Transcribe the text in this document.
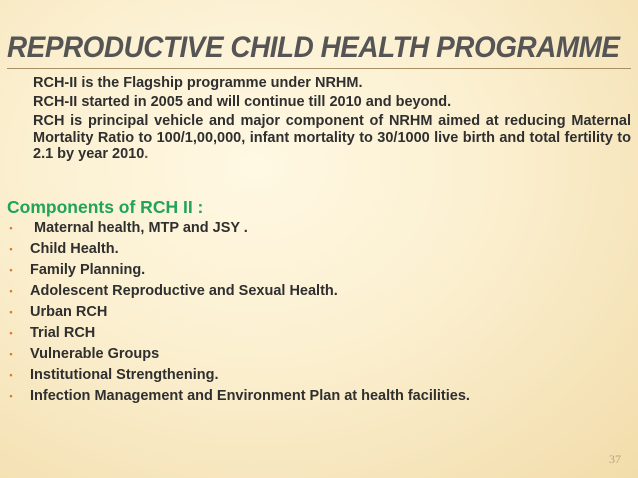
REPRODUCTIVE CHILD HEALTH PROGRAMME

RCH-II is the Flagship programme under NRHM.

RCH-II started in 2005 and will continue till 2010 and beyond.

RCH is principal vehicle and major component of NRHM aimed at reducing Maternal Mortality Ratio to 100/1,00,000, infant mortality to 30/1000 live birth and total fertility to 2.1 by year 2010.

Components of RCH II :
• Maternal health, MTP and JSY .
• Child Health.
• Family Planning.
• Adolescent Reproductive and Sexual Health.
• Urban RCH
• Trial RCH
• Vulnerable Groups
• Institutional Strengthening.
• Infection Management and Environment Plan at health facilities.
37
